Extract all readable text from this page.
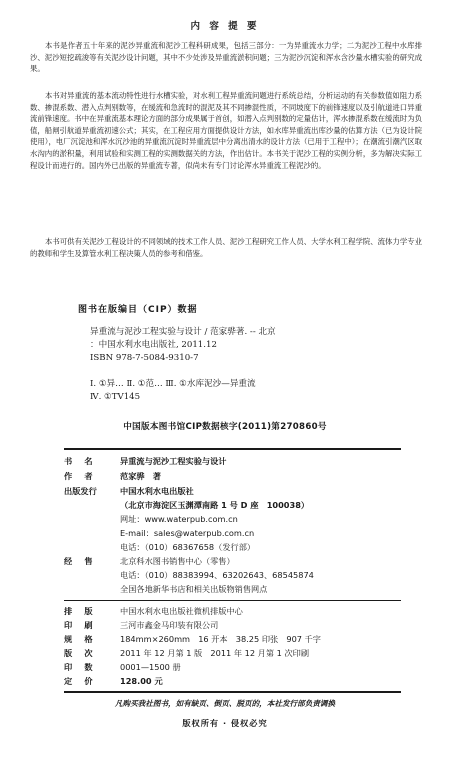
内 容 提 要
本书是作者五十年来的泥沙异重流和泥沙工程科研成果，包括三部分：一为异重流水力学；二为泥沙工程中水库排沙、泥沙短挖疏浚等有关泥沙设计问题，其中不少处涉及异重流淤积问题；三为泥沙沉淀和浑水含沙量水槽实验的研究成果。
本书对异重流的基本流动特性进行水槽实验，对水利工程异重流问题进行系统总结，分析运动的有关参数值如阻力系数、掺混系数、潜入点判别数等，在缓流和急流时的混泥及其不同掺混性质，不同坡度下的前锋速度以及引航道进口异重流前锋速度。书中在异重流基本理论方面的部分成果属于首创，如潜入点判别数的定量估计，浑水掺混系数在缓流时为负值，船闸引航道异重流初速公式；其实，在工程应用方面提供设计方法，如水库异重流出库沙量的估算方法（已为设计院使用），电厂沉淀池和浑水沉沙池的异重流沉淀时异重流层中分离出清水的设计方法（已用于工程中）；在潮流引潮汽区取水沟内的淤积量，利用试验和实测工程的实测数据关的方法，作出估计。本书关于泥沙工程的实例分析，多为解决实际工程设计而进行的。国内外已出版的异重流专著，似尚未有专门讨论浑水异重流工程泥沙的。
本书可供有关泥沙工程设计的不同领域的技术工作人员、泥沙工程研究工作人员、大学水利工程学院、流体力学专业的教师和学生及算管水利工程决策人员的参考和借鉴。
图书在版编目（CIP）数据
异重流与泥沙工程实验与设计 / 范家骅著. -- 北京
：中国水利水电出版社, 2011.12
ISBN 978-7-5084-9310-7
Ⅰ. ①异… Ⅱ. ①范… Ⅲ. ①水库泥沙—异重流
Ⅳ. ①TV145
中国版本图书馆CIP数据核字(2011)第270860号
书　名	异重流与泥沙工程实验与设计
作　者	范家骅　著
出版发行	中国水利水电出版社
（北京市海淀区玉渊潭南路 1 号 D 座　100038）
网址：www.waterpub.com.cn
E-mail：sales@waterpub.com.cn
电话：（010）68367658（发行部）
经　售	北京科水图书销售中心（零售）
电话：（010）88383994、63202643、68545874
全国各地新华书店和相关出版物销售网点
排　版	中国水利水电出版社微机排版中心
印　刷	三河市鑫金马印装有限公司
规　格	184mm×260mm　16 开本　38.25 印张　907 千字
版　次	2011 年 12 月第 1 版　2011 年 12 月第 1 次印刷
印　数	0001—1500 册
定　价	128.00 元
凡购买我社图书，如有缺页、倒页、脱页的，本社发行部负责调换
版权所有 · 侵权必究
